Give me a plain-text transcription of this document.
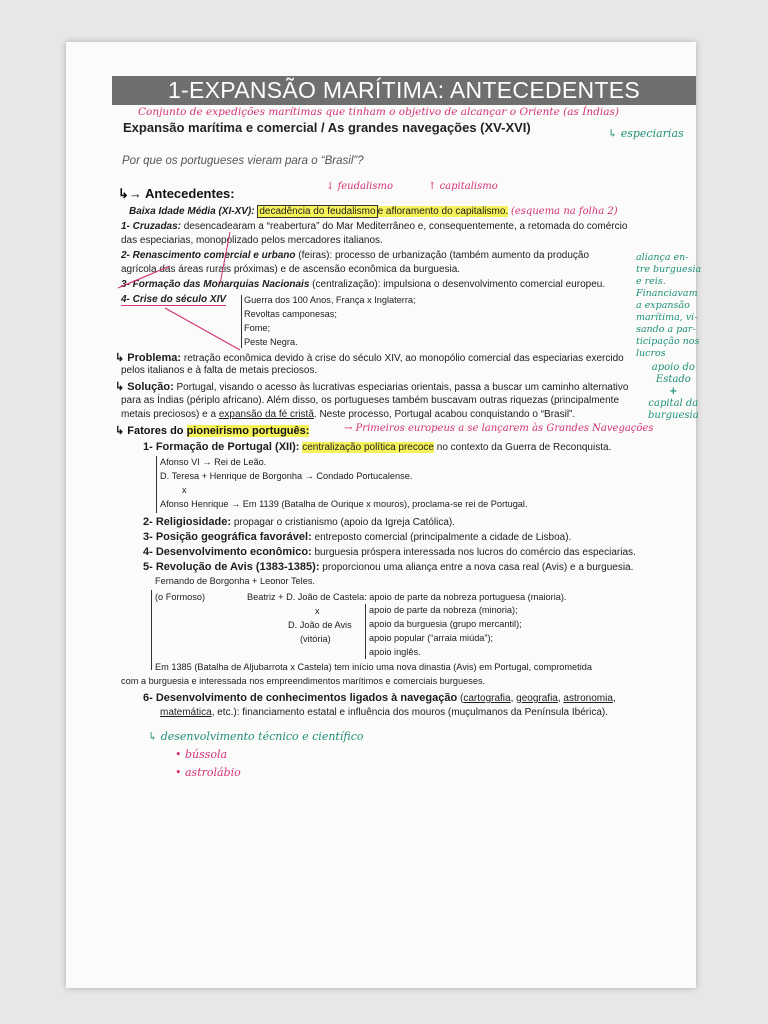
1-EXPANSÃO MARÍTIMA: ANTECEDENTES
Conjunto de expedições marítimas que tinham o objetivo de alcançar o Oriente (as Índias)
Expansão marítima e comercial / As grandes navegações (XV-XVI)	↳ especiarias
Por que os portugueses vieram para o “Brasil”?
↓ feudalismo	↑ capitalismo
↳→ Antecedentes:
Baixa Idade Média (XI-XV): decadência do feudalismo e afloramento do capitalismo. (esquema na folha 2)
1- Cruzadas: desencadearam a “reabertura” do Mar Mediterrâneo e, consequentemente, a retomada do comércio
das especiarias, monopolizado pelos mercadores italianos.
2- Renascimento comercial e urbano (feiras): processo de urbanização (também aumento da produção
agrícola das áreas rurais próximas) e de ascensão econômica da burguesia.
3- Formação das Monarquias Nacionais (centralização): impulsiona o desenvolvimento comercial europeu.
4- Crise do século XIV Guerra dos 100 Anos, França x Inglaterra;
Revoltas camponesas;
Fome;
Peste Negra.
aliança en-
tre burguesia
e reis.
Financiavam
a expansão
marítima, vi-
sando a par-
ticipação nos
lucros
apoio do
Estado
+
capital da
burguesia
↳ Problema: retração econômica devido à crise do século XIV, ao monopólio comercial das especiarias exercido
pelos italianos e à falta de metais preciosos.
↳ Solução: Portugal, visando o acesso às lucrativas especiarias orientais, passa a buscar um caminho alternativo
para as Índias (périplo africano). Além disso, os portugueses também buscavam outras riquezas (principalmente
metais preciosos) e a expansão da fé cristã. Neste processo, Portugal acabou conquistando o “Brasil”.
↳ Fatores do pioneirismo português:	→ Primeiros europeus a se lançarem às Grandes Navegações
1- Formação de Portugal (XII): centralização política precoce no contexto da Guerra de Reconquista.
Afonso VI → Rei de Leão.
D. Teresa + Henrique de Borgonha → Condado Portucalense.
x
Afonso Henrique → Em 1139 (Batalha de Ourique x mouros), proclama-se rei de Portugal.
2- Religiosidade: propagar o cristianismo (apoio da Igreja Católica).
3- Posição geográfica favorável: entreposto comercial (principalmente a cidade de Lisboa).
4- Desenvolvimento econômico: burguesia próspera interessada nos lucros do comércio das especiarias.
5- Revolução de Avis (1383-1385): proporcionou uma aliança entre a nova casa real (Avis) e a burguesia.
Fernando de Borgonha + Leonor Teles.
(o Formoso)	Beatriz + D. João de Castela: apoio de parte da nobreza portuguesa (maioria).
x
D. João de Avis
(vitória)
apoio de parte da nobreza (minoria);
apoio da burguesia (grupo mercantil);
apoio popular (“arraia miúda”);
apoio inglês.
Em 1385 (Batalha de Aljubarrota x Castela) tem início uma nova dinastia (Avis) em Portugal, comprometida
com a burguesia e interessada nos empreendimentos marítimos e comerciais burgueses.
6- Desenvolvimento de conhecimentos ligados à navegação (cartografia, geografia, astronomia,
matemática, etc.): financiamento estatal e influência dos mouros (muçulmanos da Península Ibérica).
↳ desenvolvimento técnico e científico
• bússola
• astrolábio
